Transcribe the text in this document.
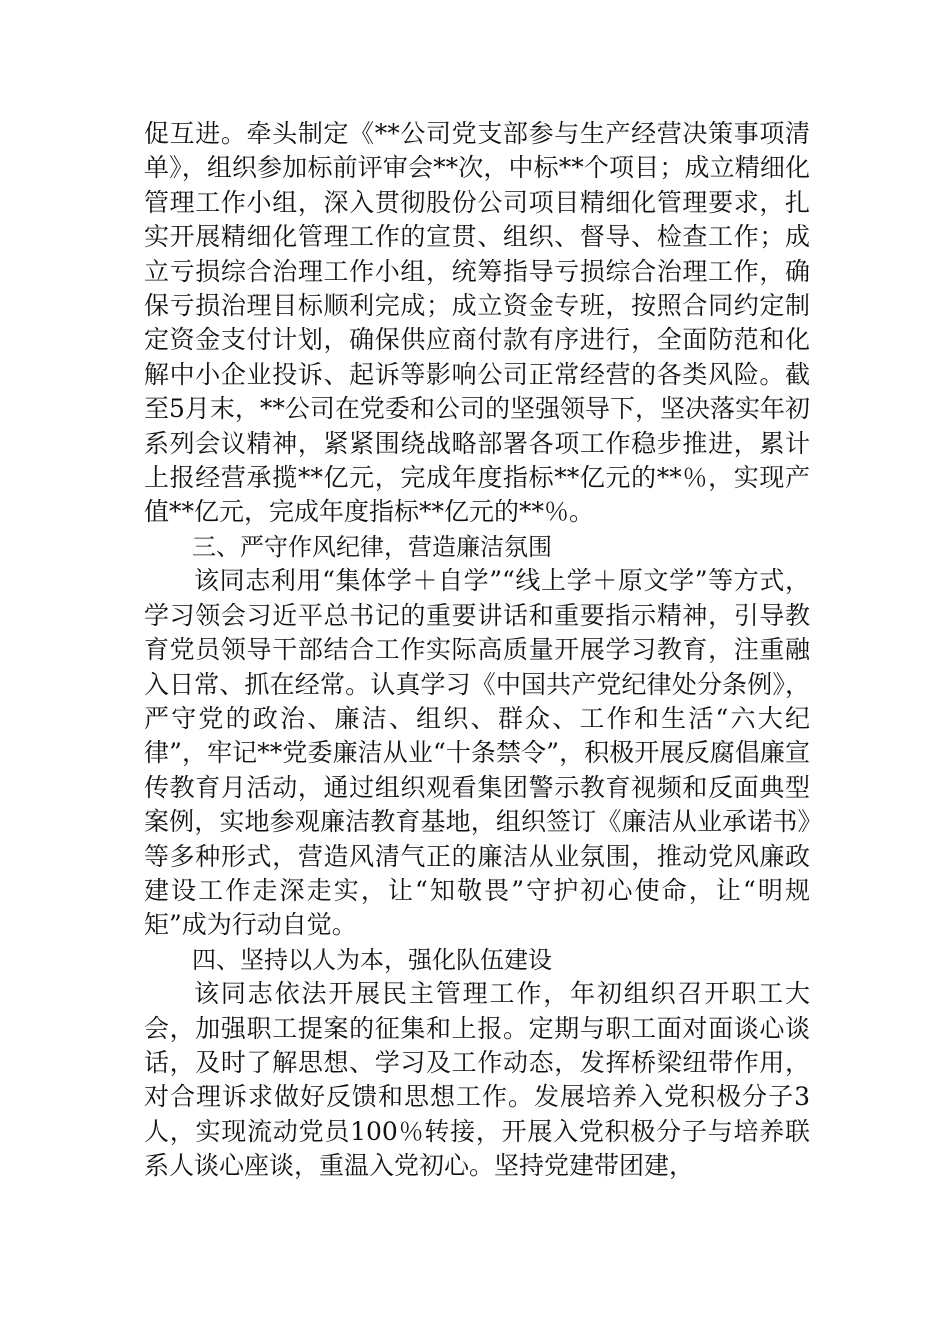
促互进。牵头制定《**公司党支部参与生产经营决策事项清单》，组织参加标前评审会**次，中标**个项目；成立精细化管理工作小组，深入贯彻股份公司项目精细化管理要求，扎实开展精细化管理工作的宣贯、组织、督导、检查工作；成立亏损综合治理工作小组，统筹指导亏损综合治理工作，确保亏损治理目标顺利完成；成立资金专班，按照合同约定制定资金支付计划，确保供应商付款有序进行，全面防范和化解中小企业投诉、起诉等影响公司正常经营的各类风险。截至5月末，**公司在党委和公司的坚强领导下，坚决落实年初系列会议精神，紧紧围绕战略部署各项工作稳步推进，累计上报经营承揽**亿元，完成年度指标**亿元的**％，实现产值**亿元，完成年度指标**亿元的**％。

三、严守作风纪律，营造廉洁氛围

该同志利用“集体学＋自学”“线上学＋原文学”等方式，学习领会习近平总书记的重要讲话和重要指示精神，引导教育党员领导干部结合工作实际高质量开展学习教育，注重融入日常、抓在经常。认真学习《中国共产党纪律处分条例》，严守党的政治、廉洁、组织、群众、工作和生活“六大纪律”，牢记**党委廉洁从业“十条禁令”，积极开展反腐倡廉宣传教育月活动，通过组织观看集团警示教育视频和反面典型案例，实地参观廉洁教育基地，组织签订《廉洁从业承诺书》等多种形式，营造风清气正的廉洁从业氛围，推动党风廉政建设工作走深走实，让“知敬畏”守护初心使命，让“明规矩”成为行动自觉。

四、坚持以人为本，强化队伍建设

该同志依法开展民主管理工作，年初组织召开职工大会，加强职工提案的征集和上报。定期与职工面对面谈心谈话，及时了解思想、学习及工作动态，发挥桥梁纽带作用，对合理诉求做好反馈和思想工作。发展培养入党积极分子3人，实现流动党员100％转接，开展入党积极分子与培养联系人谈心座谈，重温入党初心。坚持党建带团建，
